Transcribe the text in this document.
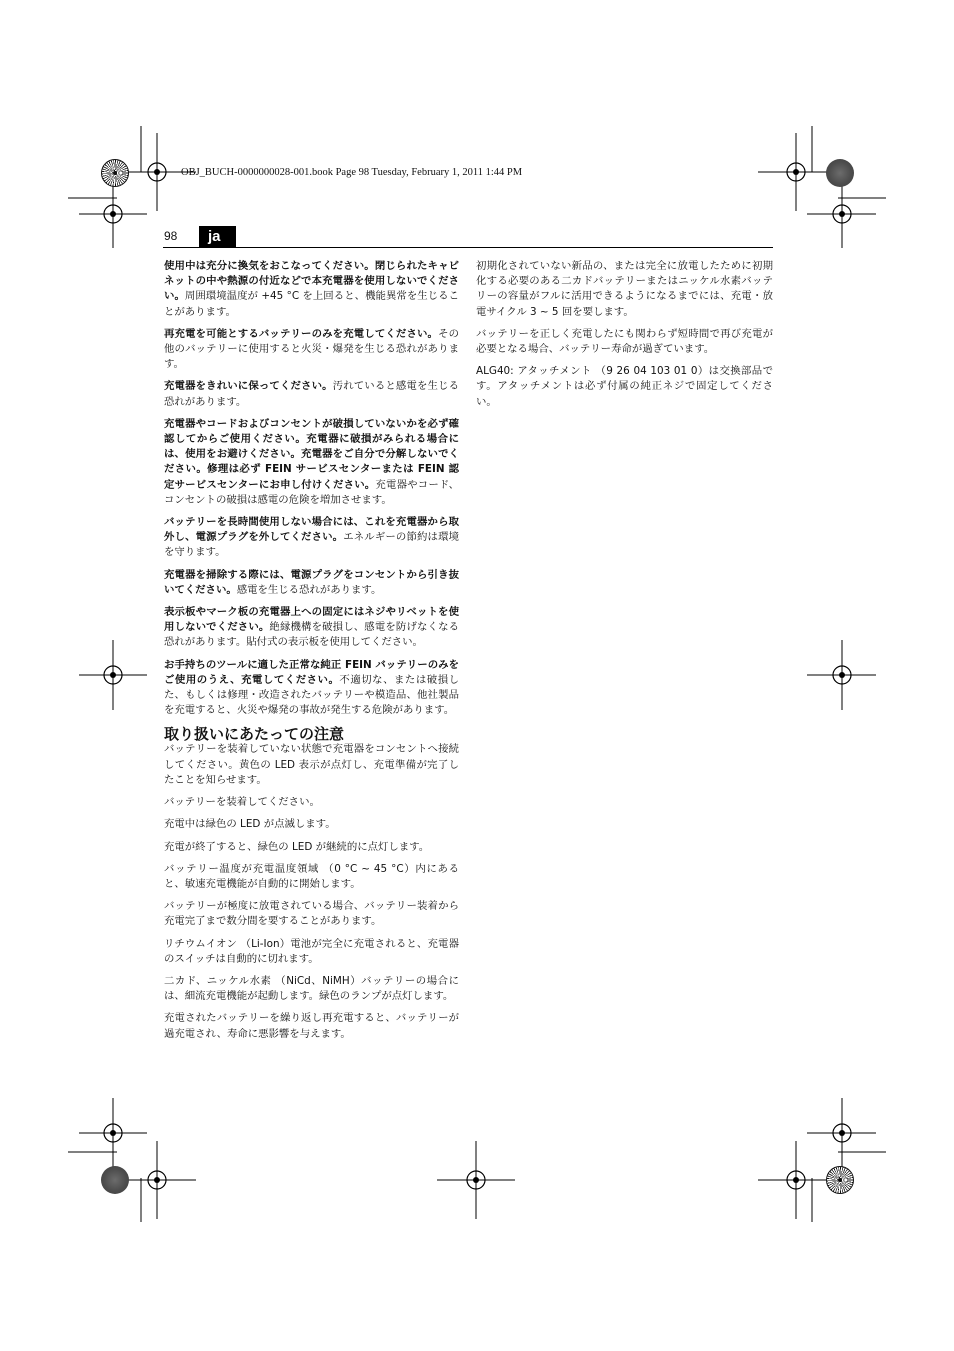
OBJ_BUCH-0000000028-001.book Page 98 Tuesday, February 1, 2011 1:44 PM
98	ja

使用中は充分に換気をおこなってください。閉じられたキャビネットの中や熱源の付近などで本充電器を使用しないでください。周囲環境温度が +45 °C を上回ると、機能異常を生じることがあります。

再充電を可能とするバッテリーのみを充電してください。その他のバッテリーに使用すると火災・爆発を生じる恐れがあります。

充電器をきれいに保ってください。汚れていると感電を生じる恐れがあります。

充電器やコードおよびコンセントが破損していないかを必ず確認してからご使用ください。充電器に破損がみられる場合には、使用をお避けください。充電器をご自分で分解しないでください。修理は必ず FEIN サービスセンターまたは FEIN 認定サービスセンターにお申し付けください。充電器やコード、コンセントの破損は感電の危険を増加させます。

バッテリーを長時間使用しない場合には、これを充電器から取外し、電源プラグを外してください。エネルギーの節約は環境を守ります。

充電器を掃除する際には、電源プラグをコンセントから引き抜いてください。感電を生じる恐れがあります。

表示板やマーク板の充電器上への固定にはネジやリベットを使用しないでください。絶縁機構を破損し、感電を防げなくなる恐れがあります。貼付式の表示板を使用してください。

お手持ちのツールに適した正常な純正 FEIN バッテリーのみをご使用のうえ、充電してください。不適切な、または破損した、もしくは修理・改造されたバッテリーや模造品、他社製品を充電すると、火災や爆発の事故が発生する危険があります。

取り扱いにあたっての注意

バッテリーを装着していない状態で充電器をコンセントへ接続してください。黄色の LED 表示が点灯し、充電準備が完了したことを知らせます。

バッテリーを装着してください。

充電中は緑色の LED が点滅します。

充電が終了すると、緑色の LED が継続的に点灯します。

バッテリー温度が充電温度領域 （0 °C ~ 45 °C）内にあると、敏速充電機能が自動的に開始します。

バッテリーが極度に放電されている場合、バッテリー装着から充電完了まで数分間を要することがあります。

リチウムイオン （Li-Ion）電池が完全に充電されると、充電器のスイッチは自動的に切れます。

二カド、ニッケル水素 （NiCd、NiMH）バッテリーの場合には、細流充電機能が起動します。緑色のランプが点灯します。

充電されたバッテリーを繰り返し再充電すると、バッテリーが過充電され、寿命に悪影響を与えます。

初期化されていない新品の、または完全に放電したために初期化する必要のある二カドバッテリーまたはニッケル水素バッテリーの容量がフルに活用できるようになるまでには、充電・放電サイクル 3 ~ 5 回を要します。

バッテリーを正しく充電したにも関わらず短時間で再び充電が必要となる場合、バッテリー寿命が過ぎています。

ALG40: アタッチメント （9 26 04 103 01 0）は交換部品です。アタッチメントは必ず付属の純正ネジで固定してください。
